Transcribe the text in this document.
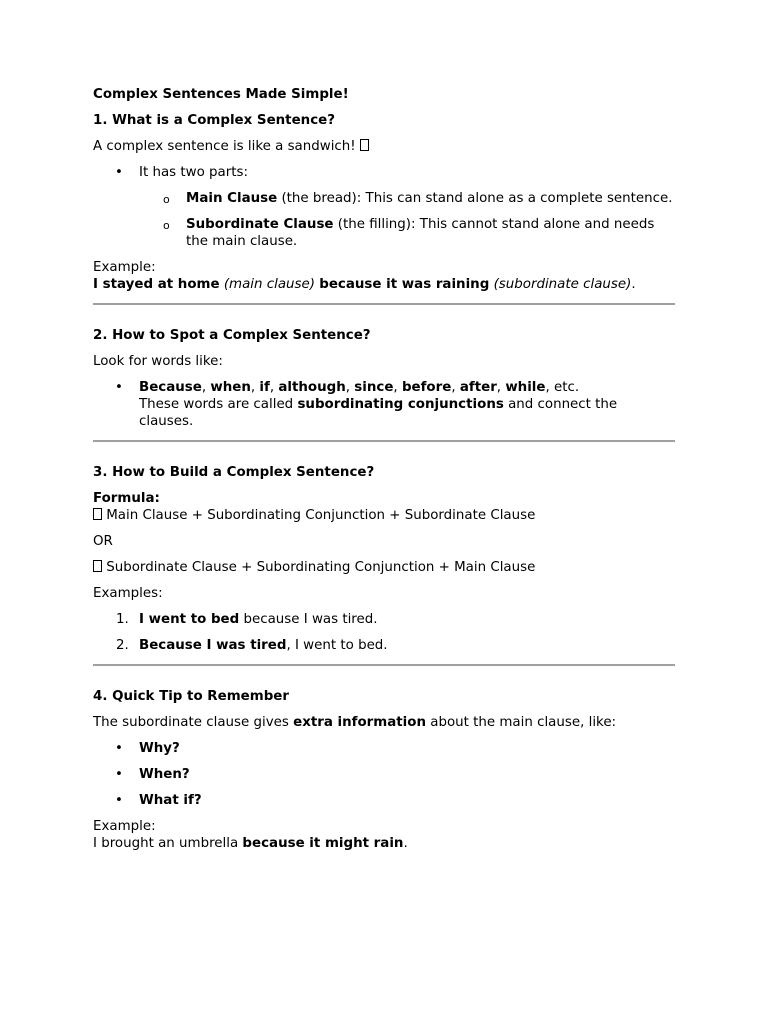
Complex Sentences Made Simple!

1. What is a Complex Sentence?

A complex sentence is like a sandwich!

• It has two parts:
o Main Clause (the bread): This can stand alone as a complete sentence.
o Subordinate Clause (the filling): This cannot stand alone and needs the main clause.

Example:

I stayed at home (main clause) because it was raining (subordinate clause).

2. How to Spot a Complex Sentence?

Look for words like:

• Because, when, if, although, since, before, after, while, etc.
These words are called subordinating conjunctions and connect the clauses.

3. How to Build a Complex Sentence?

Formula:

Main Clause + Subordinating Conjunction + Subordinate Clause

OR

Subordinate Clause + Subordinating Conjunction + Main Clause

Examples:

1. I went to bed because I was tired.
2. Because I was tired, I went to bed.

4. Quick Tip to Remember

The subordinate clause gives extra information about the main clause, like:

• Why?
• When?
• What if?

Example:

I brought an umbrella because it might rain.
